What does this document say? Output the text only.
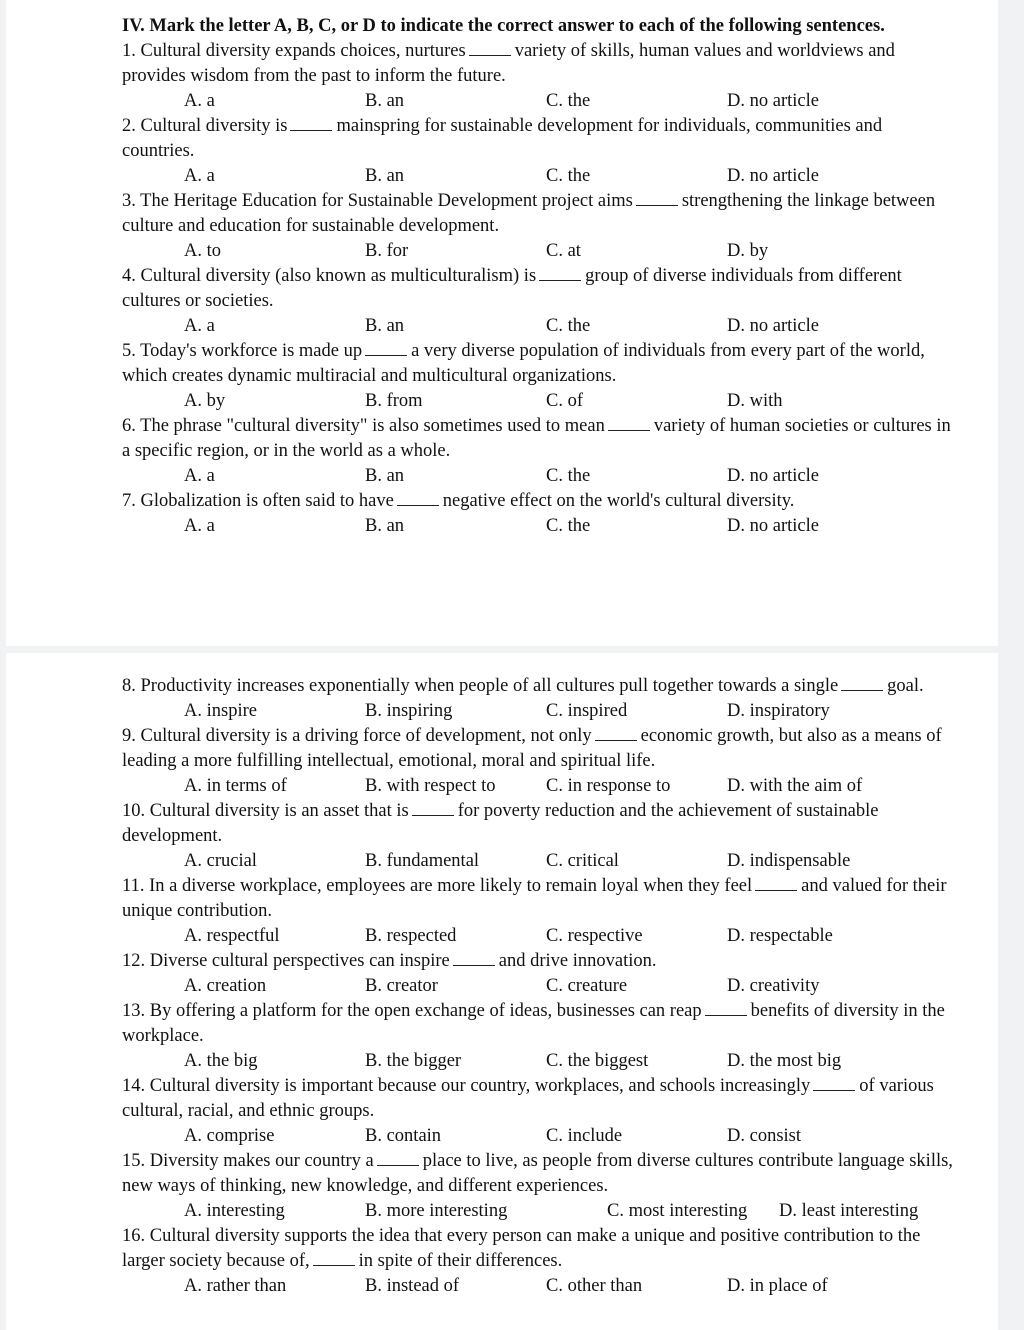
IV. Mark the letter A, B, C, or D to indicate the correct answer to each of the following sentences.

1. Cultural diversity expands choices, nurtures	variety of skills, human values and worldviews and provides wisdom from the past to inform the future.

A. a	B. an	C. the	D. no article

2. Cultural diversity is	mainspring for sustainable development for individuals, communities and countries.

A. a	B. an	C. the	D. no article

3. The Heritage Education for Sustainable Development project aims	strengthening the linkage between culture and education for sustainable development.

A. to	B. for	C. at	D. by

4. Cultural diversity (also known as multiculturalism) is	group of diverse individuals from different cultures or societies.

A. a	B. an	C. the	D. no article

5. Today's workforce is made up	a very diverse population of individuals from every part of the world, which creates dynamic multiracial and multicultural organizations.

A. by	B. from	C. of	D. with

6. The phrase "cultural diversity" is also sometimes used to mean	variety of human societies or cultures in a specific region, or in the world as a whole.

A. a	B. an	C. the	D. no article

7. Globalization is often said to have	negative effect on the world's cultural diversity.

A. a	B. an	C. the	D. no article

8. Productivity increases exponentially when people of all cultures pull together towards a single	goal.

A. inspire	B. inspiring	C. inspired	D. inspiratory

9. Cultural diversity is a driving force of development, not only	economic growth, but also as a means of leading a more fulfilling intellectual, emotional, moral and spiritual life.

A. in terms of	B. with respect to	C. in response to	D. with the aim of

10. Cultural diversity is an asset that is	for poverty reduction and the achievement of sustainable development.

A. crucial	B. fundamental	C. critical	D. indispensable

11. In a diverse workplace, employees are more likely to remain loyal when they feel	and valued for their unique contribution.

A. respectful	B. respected	C. respective	D. respectable

12. Diverse cultural perspectives can inspire	and drive innovation.

A. creation	B. creator	C. creature	D. creativity

13. By offering a platform for the open exchange of ideas, businesses can reap	benefits of diversity in the workplace.

A. the big	B. the bigger	C. the biggest	D. the most big

14. Cultural diversity is important because our country, workplaces, and schools increasingly	of various cultural, racial, and ethnic groups.

A. comprise	B. contain	C. include	D. consist

15. Diversity makes our country a	place to live, as people from diverse cultures contribute language skills, new ways of thinking, new knowledge, and different experiences.

A. interesting	B. more interesting	C. most interesting	D. least interesting

16. Cultural diversity supports the idea that every person can make a unique and positive contribution to the larger society because of,	in spite of their differences.

A. rather than	B. instead of	C. other than	D. in place of
